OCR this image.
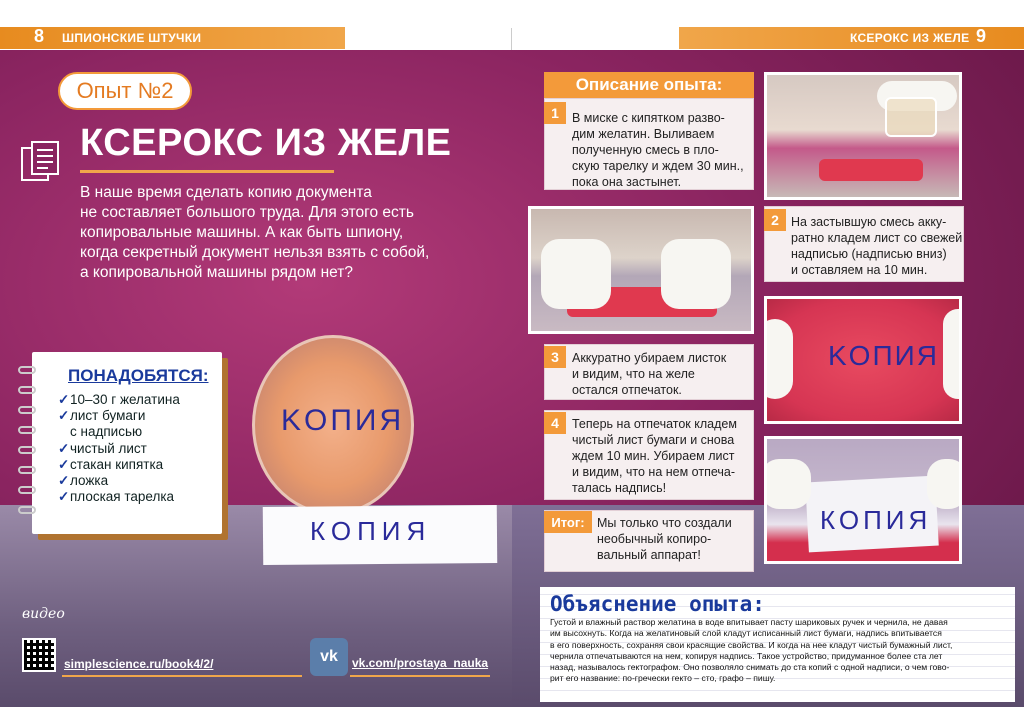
8 ШПИОНСКИЕ ШТУЧКИ	КСЕРОКС ИЗ ЖЕЛЕ 9
Опыт №2
КСЕРОКС ИЗ ЖЕЛЕ
В наше время сделать копию документа
не составляет большого труда. Для этого есть
копировальные машины. А как быть шпиону,
когда секретный документ нельзя взять с собой,
а копировальной машины рядом нет?
ПОНАДОБЯТСЯ:
✓10–30 г желатина
✓лист бумаги
с надписью
✓чистый лист
✓стакан кипятка
✓ложка
✓плоская тарелка
KOПИЯ
КОПИЯ
видео
simplescience.ru/book4/2/	vk	vk.com/prostaya_nauka
Описание опыта:
1	В миске с кипятком разво-
дим желатин. Выливаем
полученную смесь в пло-
скую тарелку и ждем 30 мин.,
пока она застынет.
2 На застывшую смесь акку-
ратно кладем лист со свежей
надписью (надписью вниз)
и оставляем на 10 мин.
3	Аккуратно убираем листок
и видим, что на желе
остался отпечаток.
4	Теперь на отпечаток кладем
чистый лист бумаги и снова
ждем 10 мин. Убираем лист
и видим, что на нем отпеча-
талась надпись!
Итог: Мы только что создали
необычный копиро-
вальный аппарат!
KOПИЯ
КОПИЯ
Объяснение опыта:
Густой и влажный раствор желатина в воде впитывает пасту шариковых ручек и чернила, не давая
им высохнуть. Когда на желатиновый слой кладут исписанный лист бумаги, надпись впитывается
в его поверхность, сохраняя свои красящие свойства. И когда на нее кладут чистый бумажный лист,
чернила отпечатываются на нем, копируя надпись. Такое устройство, придуманное более ста лет
назад, называлось гектографом. Оно позволяло снимать до ста копий с одной надписи, о чем гово-
рит его название: по-гречески гекто – сто, графо – пишу.
